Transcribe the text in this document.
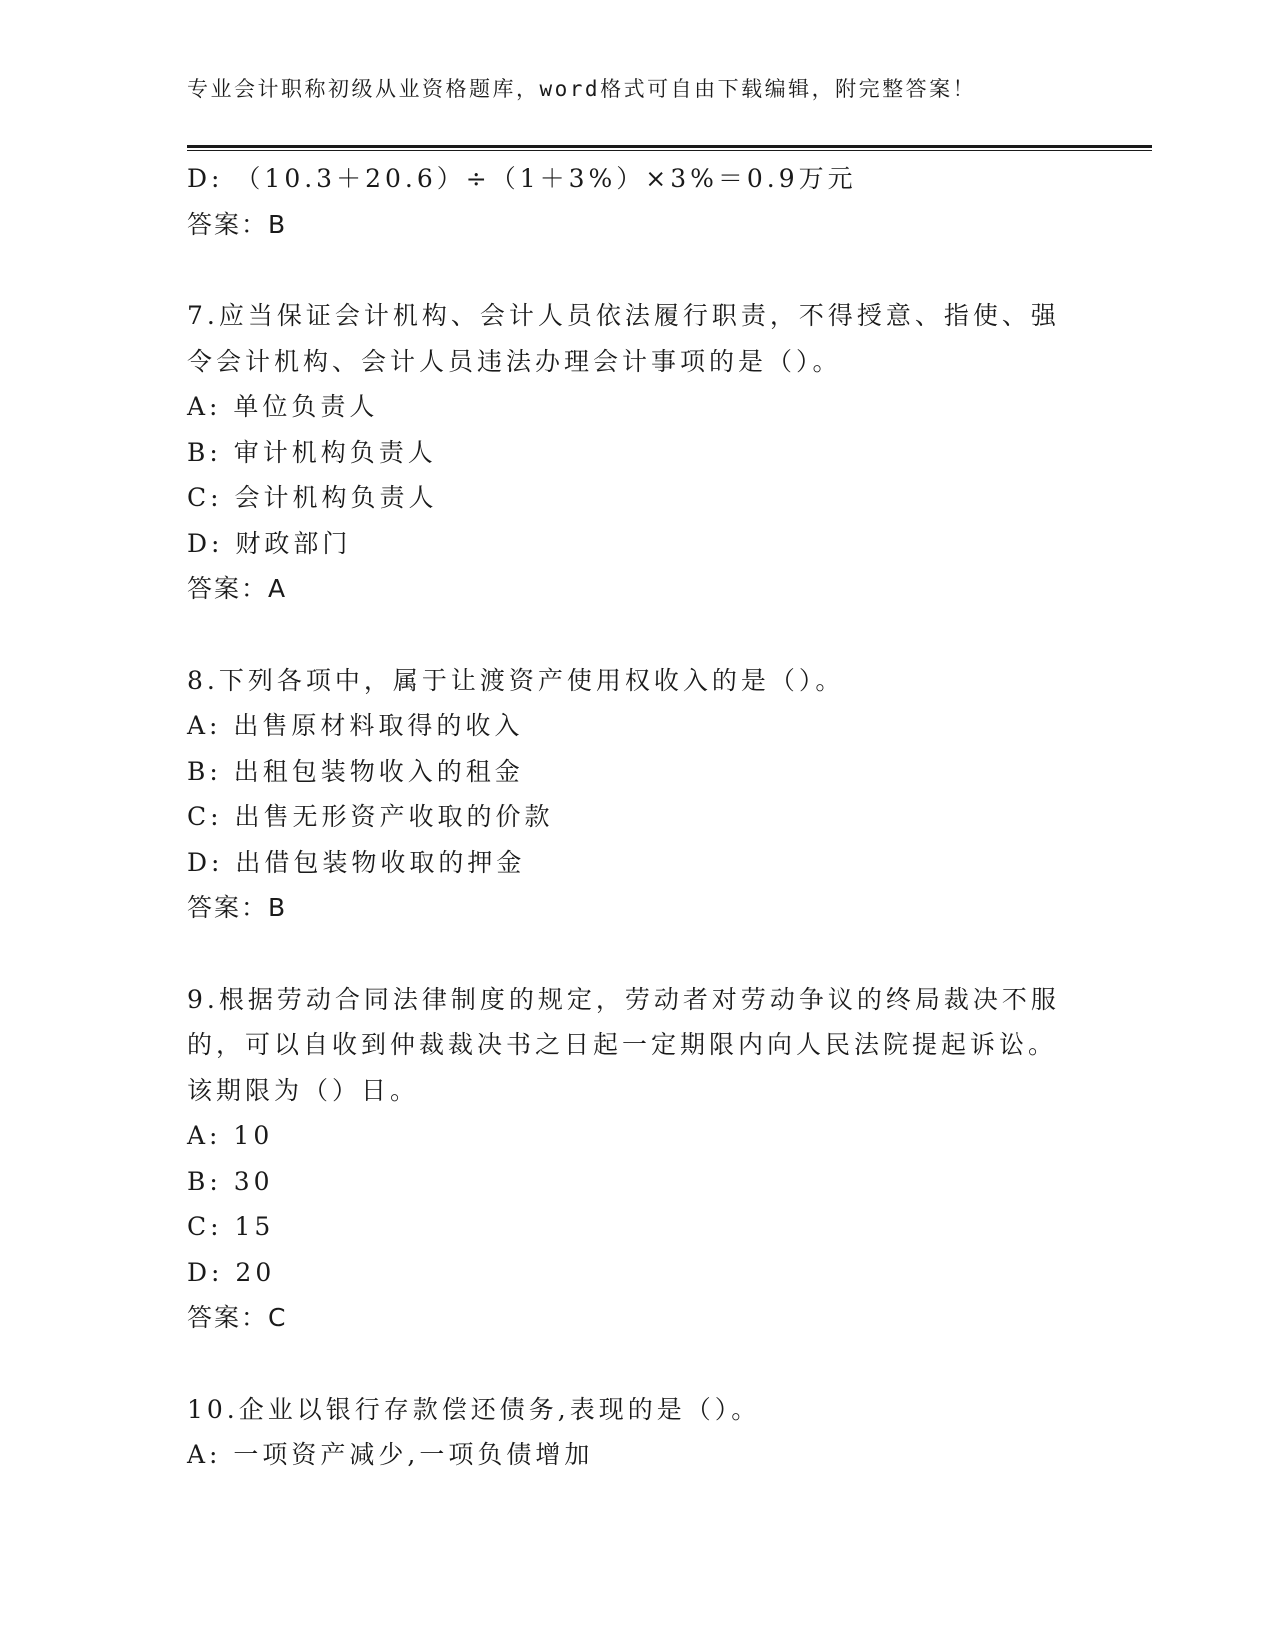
专业会计职称初级从业资格题库，word格式可自由下载编辑，附完整答案！
D: （10.3＋20.6）÷（1＋3%）×3%＝0.9万元
答案：B
7.应当保证会计机构、会计人员依法履行职责，不得授意、指使、强
令会计机构、会计人员违法办理会计事项的是（）。
A: 单位负责人
B: 审计机构负责人
C: 会计机构负责人
D: 财政部门
答案：A
8.下列各项中，属于让渡资产使用权收入的是（）。
A: 出售原材料取得的收入
B: 出租包装物收入的租金
C: 出售无形资产收取的价款
D: 出借包装物收取的押金
答案：B
9.根据劳动合同法律制度的规定，劳动者对劳动争议的终局裁决不服
的，可以自收到仲裁裁决书之日起一定期限内向人民法院提起诉讼。
该期限为（）日。
A: 10
B: 30
C: 15
D: 20
答案：C
10.企业以银行存款偿还债务,表现的是（）。
A: 一项资产减少,一项负债增加
